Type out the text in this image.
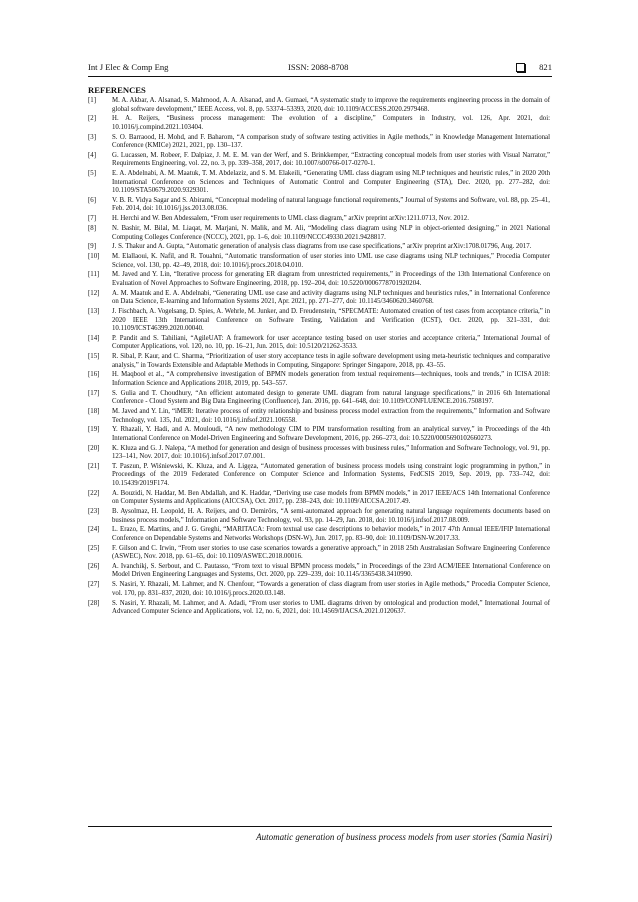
Int J Elec & Comp Eng	ISSN: 2088-8708	821
REFERENCES
[1]	M. A. Akbar, A. Alsanad, S. Mahmood, A. A. Alsanad, and A. Gumaei, “A systematic study to improve the requirements engineering process in the domain of global software development,” IEEE Access, vol. 8, pp. 53374–53393, 2020, doi: 10.1109/ACCESS.2020.2979468.
[2]	H. A. Reijers, “Business process management: The evolution of a discipline,” Computers in Industry, vol. 126, Apr. 2021, doi: 10.1016/j.compind.2021.103404.
[3]	S. O. Barraood, H. Mohd, and F. Baharom, “A comparison study of software testing activities in Agile methods,” in Knowledge Management International Conference (KMICe) 2021, 2021, pp. 130–137.
[4]	G. Lucassen, M. Robeer, F. Dalpiaz, J. M. E. M. van der Werf, and S. Brinkkemper, “Extracting conceptual models from user stories with Visual Narrator,” Requirements Engineering, vol. 22, no. 3, pp. 339–358, 2017, doi: 10.1007/s00766-017-0270-1.
[5]	E. A. Abdelnabi, A. M. Maatuk, T. M. Abdelaziz, and S. M. Elakeili, “Generating UML class diagram using NLP techniques and heuristic rules,” in 2020 20th International Conference on Sciences and Techniques of Automatic Control and Computer Engineering (STA), Dec. 2020, pp. 277–282, doi: 10.1109/STA50679.2020.9329301.
[6]	V. B. R. Vidya Sagar and S. Abirami, “Conceptual modeling of natural language functional requirements,” Journal of Systems and Software, vol. 88, pp. 25–41, Feb. 2014, doi: 10.1016/j.jss.2013.08.036.
[7]	H. Herchi and W. Ben Abdessalem, “From user requirements to UML class diagram,” arXiv preprint arXiv:1211.0713, Nov. 2012.
[8]	N. Bashir, M. Bilal, M. Liaqat, M. Marjani, N. Malik, and M. Ali, “Modeling class diagram using NLP in object-oriented designing,” in 2021 National Computing Colleges Conference (NCCC), 2021, pp. 1–6, doi: 10.1109/NCCC49330.2021.9428817.
[9]	J. S. Thakur and A. Gupta, “Automatic generation of analysis class diagrams from use case specifications,” arXiv preprint arXiv:1708.01796, Aug. 2017.
[10]	M. Elallaoui, K. Nafil, and R. Touahni, “Automatic transformation of user stories into UML use case diagrams using NLP techniques,” Procedia Computer Science, vol. 130, pp. 42–49, 2018, doi: 10.1016/j.procs.2018.04.010.
[11]	M. Javed and Y. Lin, “Iterative process for generating ER diagram from unrestricted requirements,” in Proceedings of the 13th International Conference on Evaluation of Novel Approaches to Software Engineering, 2018, pp. 192–204, doi: 10.5220/0006778701920204.
[12]	A. M. Maatuk and E. A. Abdelnabi, “Generating UML use case and activity diagrams using NLP techniques and heuristics rules,” in International Conference on Data Science, E-learning and Information Systems 2021, Apr. 2021, pp. 271–277, doi: 10.1145/3460620.3460768.
[13]	J. Fischbach, A. Vogelsang, D. Spies, A. Wehrle, M. Junker, and D. Freudenstein, “SPECMATE: Automated creation of test cases from acceptance criteria,” in 2020 IEEE 13th International Conference on Software Testing, Validation and Verification (ICST), Oct. 2020, pp. 321–331, doi: 10.1109/ICST46399.2020.00040.
[14]	P. Pandit and S. Tahiliani, “AgileUAT: A framework for user acceptance testing based on user stories and acceptance criteria,” International Journal of Computer Applications, vol. 120, no. 10, pp. 16–21, Jun. 2015, doi: 10.5120/21262-3533.
[15]	R. Sibal, P. Kaur, and C. Sharma, “Prioritization of user story acceptance tests in agile software development using meta-heuristic techniques and comparative analysis,” in Towards Extensible and Adaptable Methods in Computing, Singapore: Springer Singapore, 2018, pp. 43–55.
[16]	H. Maqbool et al., “A comprehensive investigation of BPMN models generation from textual requirements—techniques, tools and trends,” in ICISA 2018: Information Science and Applications 2018, 2019, pp. 543–557.
[17]	S. Gulia and T. Choudhury, “An efficient automated design to generate UML diagram from natural language specifications,” in 2016 6th International Conference - Cloud System and Big Data Engineering (Confluence), Jan. 2016, pp. 641–648, doi: 10.1109/CONFLUENCE.2016.7508197.
[18]	M. Javed and Y. Lin, “iMER: Iterative process of entity relationship and business process model extraction from the requirements,” Information and Software Technology, vol. 135, Jul. 2021, doi: 10.1016/j.infsof.2021.106558.
[19]	Y. Rhazali, Y. Hadi, and A. Mouloudi, “A new methodology CIM to PIM transformation resulting from an analytical survey,” in Proceedings of the 4th International Conference on Model-Driven Engineering and Software Development, 2016, pp. 266–273, doi: 10.5220/0005690102660273.
[20]	K. Kluza and G. J. Nalepa, “A method for generation and design of business processes with business rules,” Information and Software Technology, vol. 91, pp. 123–141, Nov. 2017, doi: 10.1016/j.infsof.2017.07.001.
[21]	T. Paszun, P. Wiśniewski, K. Kluza, and A. Ligęza, “Automated generation of business process models using constraint logic programming in python,” in Proceedings of the 2019 Federated Conference on Computer Science and Information Systems, FedCSIS 2019, Sep. 2019, pp. 733–742, doi: 10.15439/2019F174.
[22]	A. Bouzidi, N. Haddar, M. Ben Abdallah, and K. Haddar, “Deriving use case models from BPMN models,” in 2017 IEEE/ACS 14th International Conference on Computer Systems and Applications (AICCSA), Oct. 2017, pp. 238–243, doi: 10.1109/AICCSA.2017.49.
[23]	B. Aysolmaz, H. Leopold, H. A. Reijers, and O. Demirörs, “A semi-automated approach for generating natural language requirements documents based on business process models,” Information and Software Technology, vol. 93, pp. 14–29, Jan. 2018, doi: 10.1016/j.infsof.2017.08.009.
[24]	L. Erazo, E. Martins, and J. G. Greghi, “MARITACA: From textual use case descriptions to behavior models,” in 2017 47th Annual IEEE/IFIP International Conference on Dependable Systems and Networks Workshops (DSN-W), Jun. 2017, pp. 83–90, doi: 10.1109/DSN-W.2017.33.
[25]	F. Gilson and C. Irwin, “From user stories to use case scenarios towards a generative approach,” in 2018 25th Australasian Software Engineering Conference (ASWEC), Nov. 2018, pp. 61–65, doi: 10.1109/ASWEC.2018.00016.
[26]	A. Ivanchikj, S. Serbout, and C. Pautasso, “From text to visual BPMN process models,” in Proceedings of the 23rd ACM/IEEE International Conference on Model Driven Engineering Languages and Systems, Oct. 2020, pp. 229–239, doi: 10.1145/3365438.3410990.
[27]	S. Nasiri, Y. Rhazali, M. Lahmer, and N. Chenfour, “Towards a generation of class diagram from user stories in Agile methods,” Procedia Computer Science, vol. 170, pp. 831–837, 2020, doi: 10.1016/j.procs.2020.03.148.
[28]	S. Nasiri, Y. Rhazali, M. Lahmer, and A. Adadi, “From user stories to UML diagrams driven by ontological and production model,” International Journal of Advanced Computer Science and Applications, vol. 12, no. 6, 2021, doi: 10.14569/IJACSA.2021.0120637.
Automatic generation of business process models from user stories (Samia Nasiri)
